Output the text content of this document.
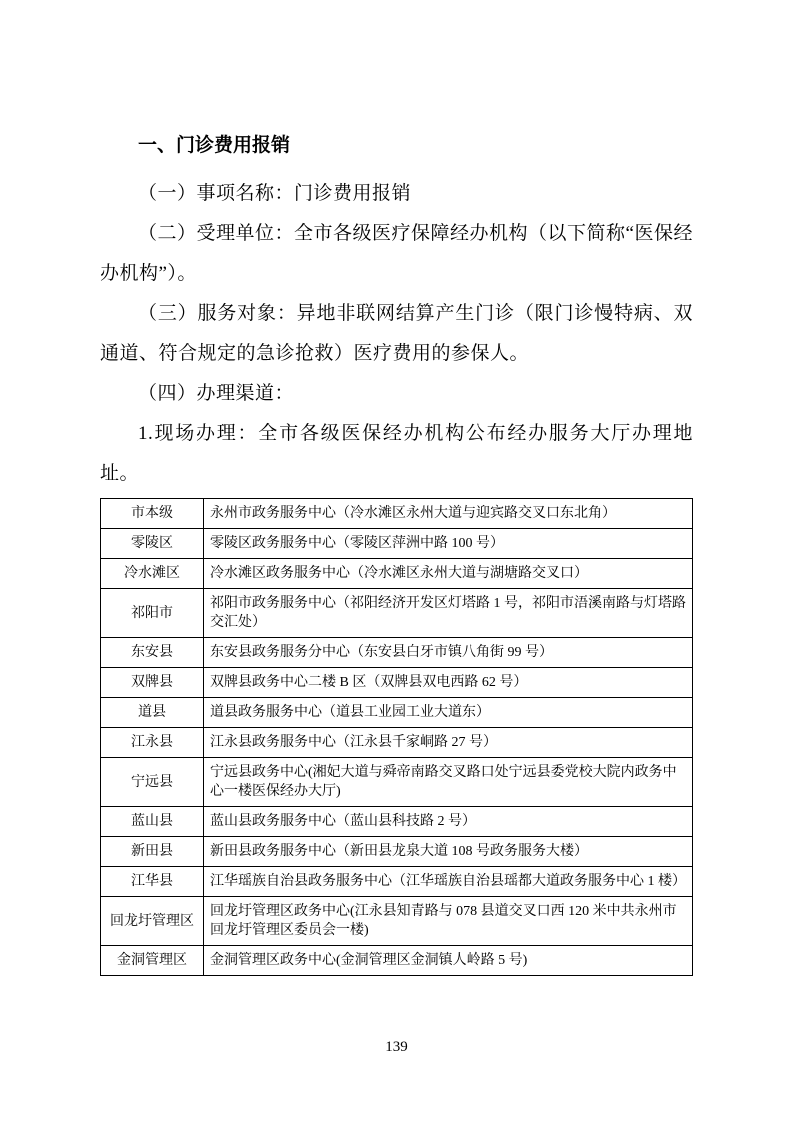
一、门诊费用报销

（一）事项名称：门诊费用报销

（二）受理单位：全市各级医疗保障经办机构（以下简称“医保经办机构”）。

（三）服务对象：异地非联网结算产生门诊（限门诊慢特病、双通道、符合规定的急诊抢救）医疗费用的参保人。

（四）办理渠道：

1.现场办理：全市各级医保经办机构公布经办服务大厅办理地址。

市本级	永州市政务服务中心（冷水滩区永州大道与迎宾路交叉口东北角）
零陵区	零陵区政务服务中心（零陵区萍洲中路 100 号）
冷水滩区	冷水滩区政务服务中心（冷水滩区永州大道与湖塘路交叉口）
祁阳市	祁阳市政务服务中心（祁阳经济开发区灯塔路 1 号，祁阳市浯溪南路与灯塔路交汇处）
东安县	东安县政务服务分中心（东安县白牙市镇八角街 99 号）
双牌县	双牌县政务中心二楼 B 区（双牌县双电西路 62 号）
道县	道县政务服务中心（道县工业园工业大道东）
江永县	江永县政务服务中心（江永县千家峒路 27 号）
宁远县	宁远县政务中心(湘妃大道与舜帝南路交叉路口处宁远县委党校大院内政务中心一楼医保经办大厅)
蓝山县	蓝山县政务服务中心（蓝山县科技路 2 号）
新田县	新田县政务服务中心（新田县龙泉大道 108 号政务服务大楼）
江华县	江华瑶族自治县政务服务中心（江华瑶族自治县瑶都大道政务服务中心 1 楼）
回龙圩管理区	回龙圩管理区政务中心(江永县知青路与 078 县道交叉口西 120 米中共永州市回龙圩管理区委员会一楼)
金洞管理区	金洞管理区政务中心(金洞管理区金洞镇人岭路 5 号)
139
